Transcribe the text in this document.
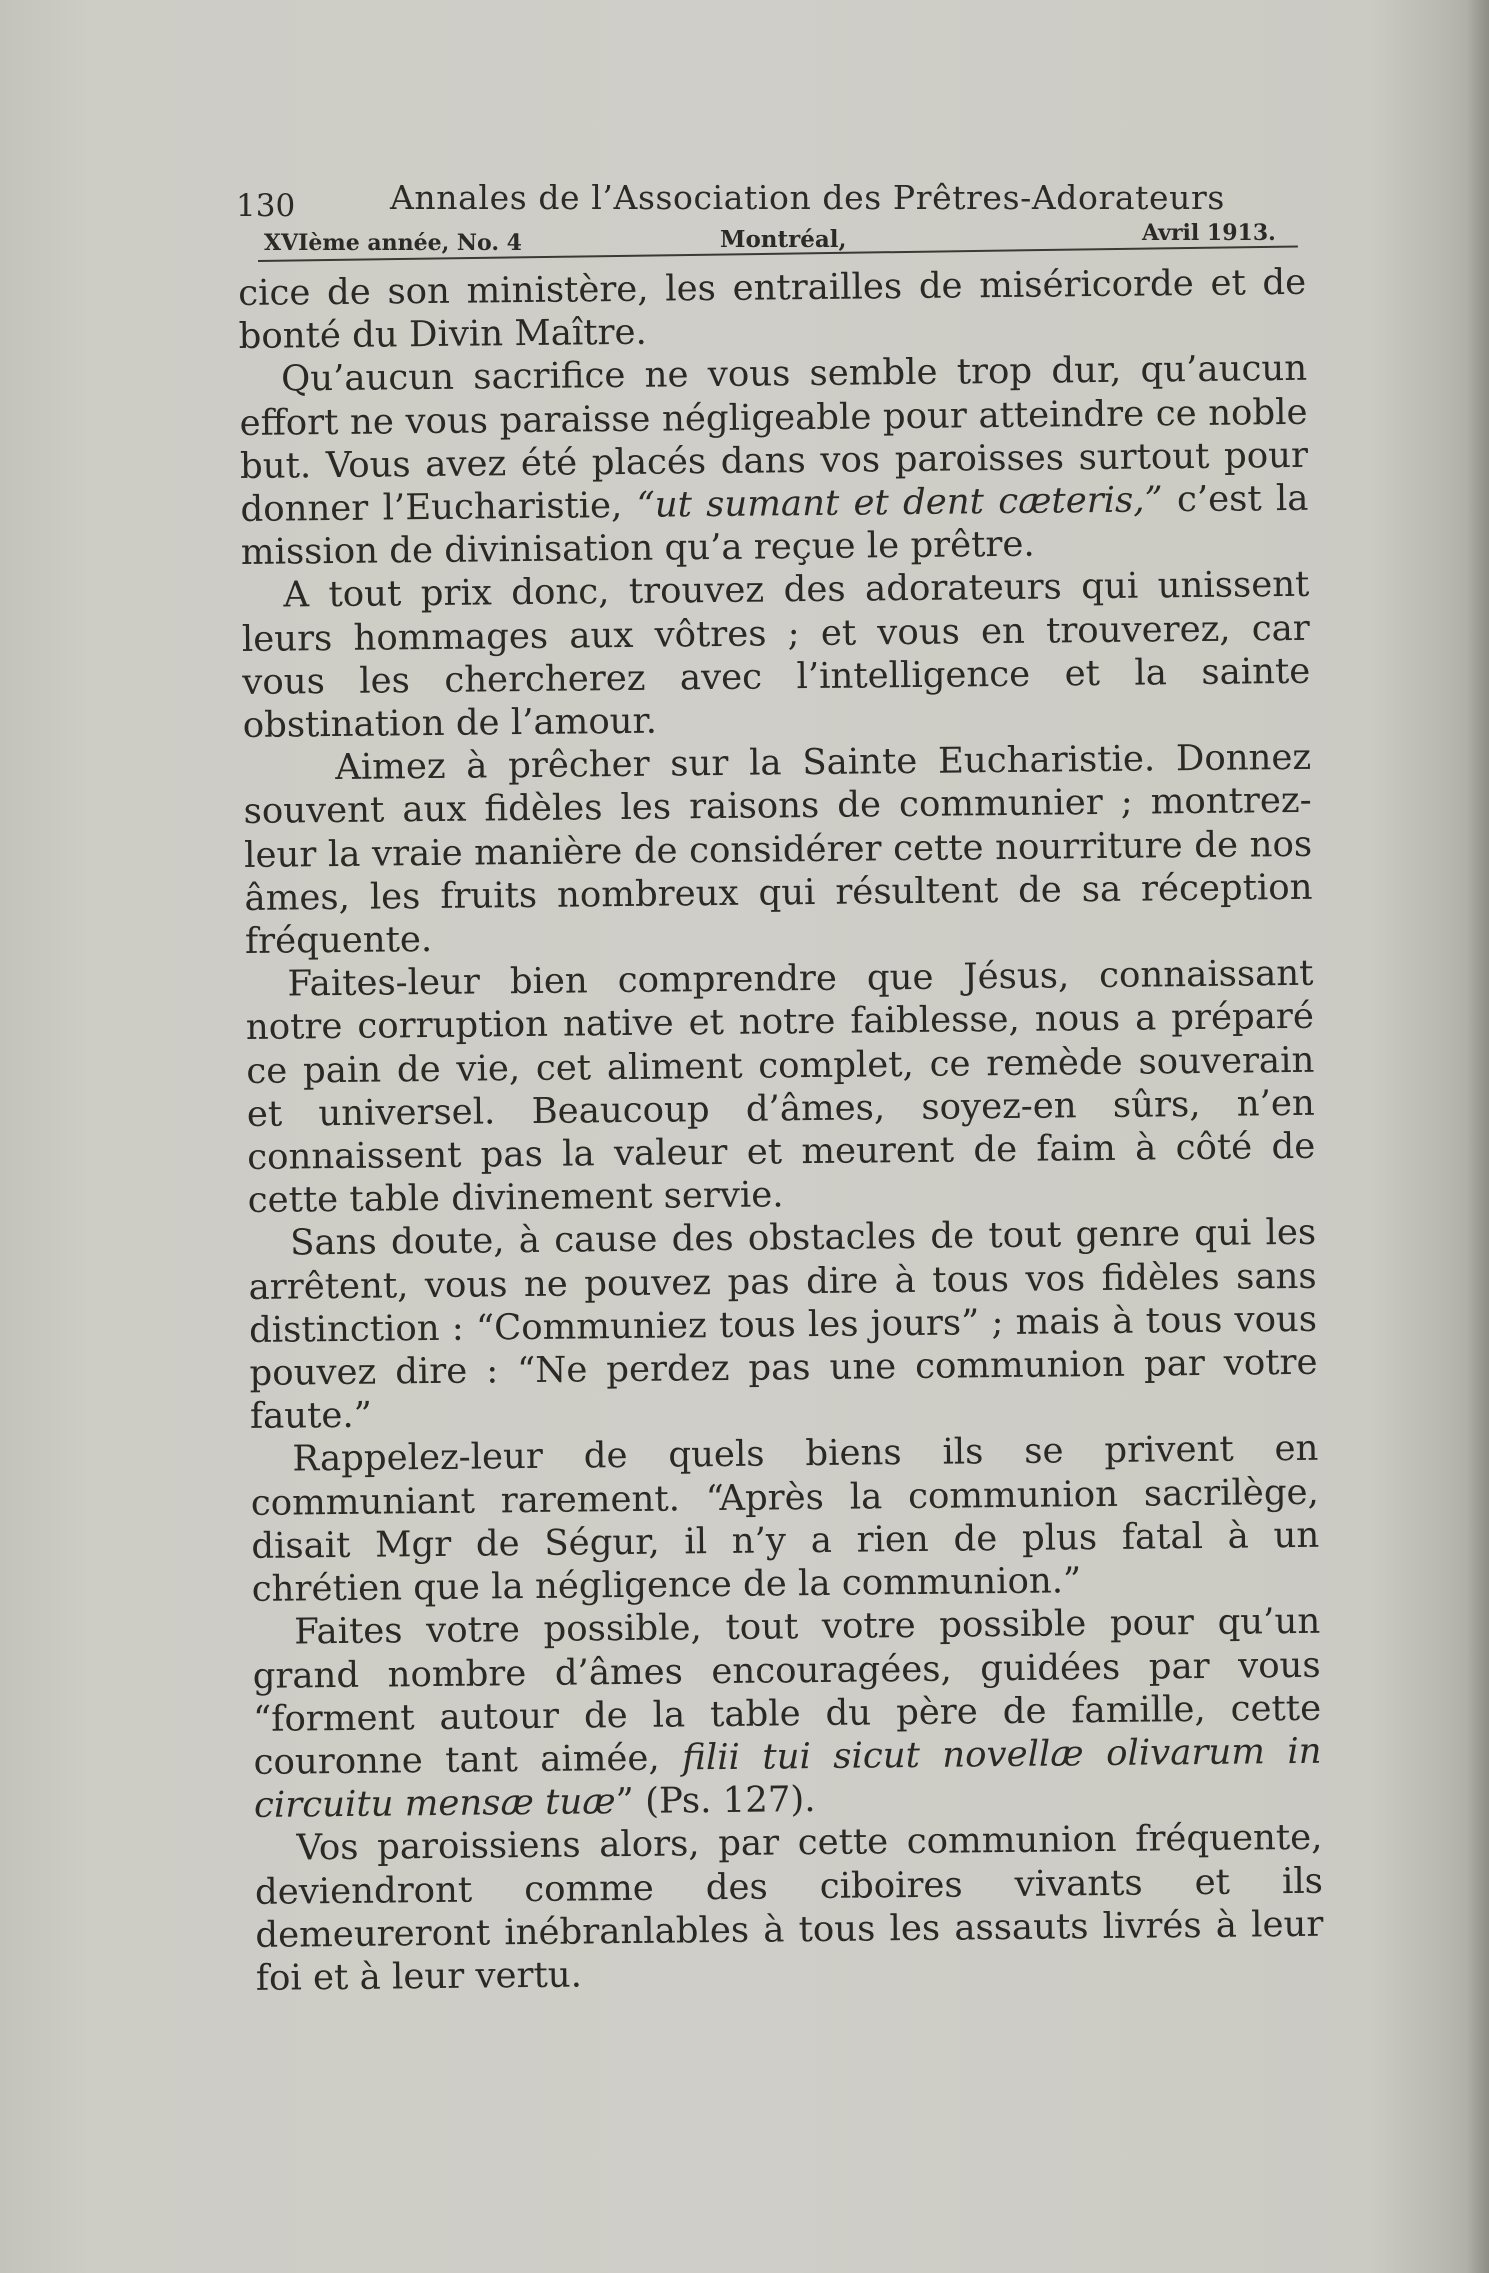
130	Annales de l’Association des Prêtres-Adorateurs
XVIème année, No. 4	Montréal,	Avril 1913.

cice de son ministère, les entrailles de miséricorde et de bonté du Divin Maître.

Qu’aucun sacrifice ne vous semble trop dur, qu’aucun effort ne vous paraisse négligeable pour atteindre ce noble but. Vous avez été placés dans vos paroisses surtout pour donner l’Eucharistie, “ut sumant et dent cæteris,” c’est la mission de divinisation qu’a reçue le prêtre.

A tout prix donc, trouvez des adorateurs qui unissent leurs hommages aux vôtres ; et vous en trouverez, car vous les chercherez avec l’intelligence et la sainte obstination de l’amour.

Aimez à prêcher sur la Sainte Eucharistie. Donnez souvent aux fidèles les raisons de communier ; montrez-leur la vraie manière de considérer cette nourriture de nos âmes, les fruits nombreux qui résultent de sa réception fréquente.

Faites-leur bien comprendre que Jésus, connaissant notre corruption native et notre faiblesse, nous a préparé ce pain de vie, cet aliment complet, ce remède souverain et universel. Beaucoup d’âmes, soyez-en sûrs, n’en connaissent pas la valeur et meurent de faim à côté de cette table divinement servie.

Sans doute, à cause des obstacles de tout genre qui les arrêtent, vous ne pouvez pas dire à tous vos fidèles sans distinction : “Communiez tous les jours” ; mais à tous vous pouvez dire : “Ne perdez pas une communion par votre faute.”

Rappelez-leur de quels biens ils se privent en communiant rarement. “Après la communion sacrilège, disait Mgr de Ségur, il n’y a rien de plus fatal à un chrétien que la négligence de la communion.”

Faites votre possible, tout votre possible pour qu’un grand nombre d’âmes encouragées, guidées par vous “forment autour de la table du père de famille, cette couronne tant aimée, filii tui sicut novellæ olivarum in circuitu mensæ tuæ” (Ps. 127).

Vos paroissiens alors, par cette communion fréquente, deviendront comme des ciboires vivants et ils demeureront inébranlables à tous les assauts livrés à leur foi et à leur vertu.
